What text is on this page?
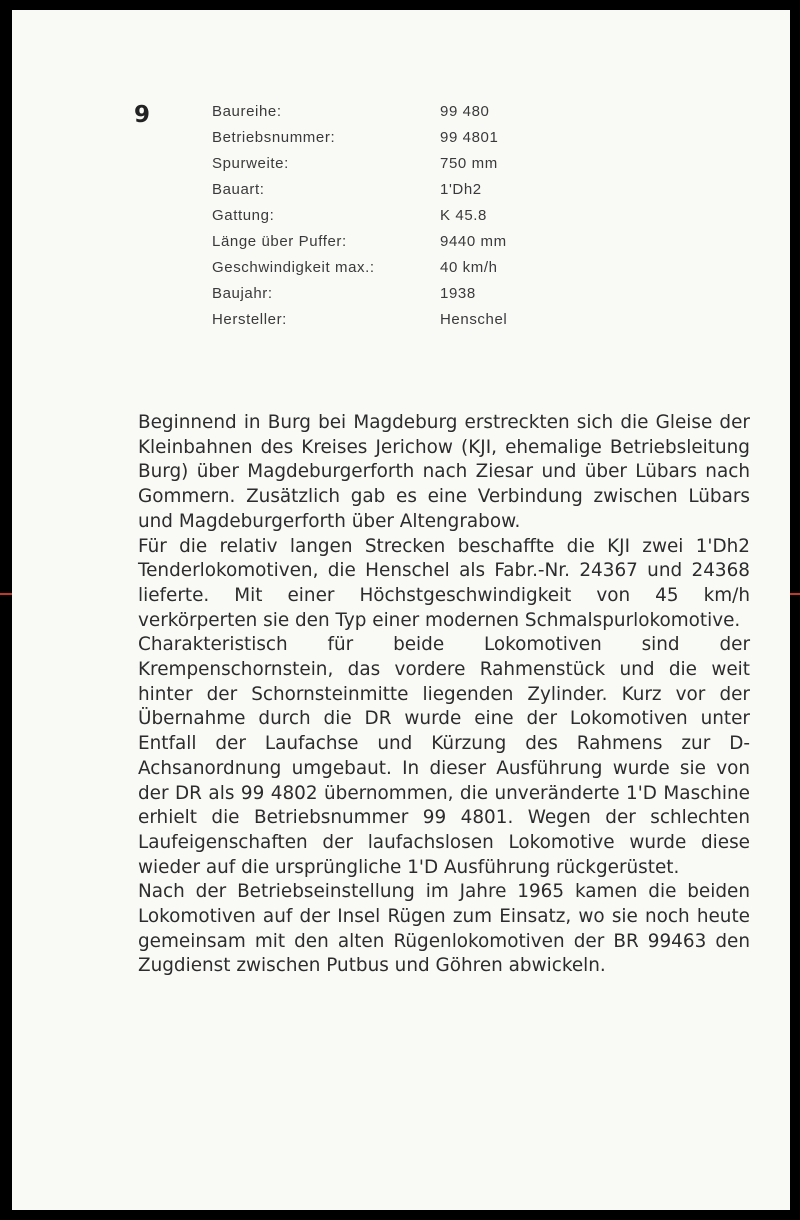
9	Baureihe:	99 480
Betriebsnummer:	99 4801
Spurweite:	750 mm
Bauart:	1'Dh2
Gattung:	K 45.8
Länge über Puffer:	9440 mm
Geschwindigkeit max.:	40 km/h
Baujahr:	1938
Hersteller:	Henschel

Beginnend in Burg bei Magdeburg erstreckten sich die Gleise der Kleinbahnen des Kreises Jerichow (KJI, ehemalige Betriebsleitung Burg) über Magdeburgerforth nach Ziesar und über Lübars nach Gommern. Zusätzlich gab es eine Verbindung zwischen Lübars und Magdeburgerforth über Altengrabow.

Für die relativ langen Strecken beschaffte die KJI zwei 1'Dh2 Tenderlokomotiven, die Henschel als Fabr.-Nr. 24367 und 24368 lieferte. Mit einer Höchstgeschwindigkeit von 45 km/h verkörperten sie den Typ einer modernen Schmalspurlokomotive.

Charakteristisch für beide Lokomotiven sind der Krempenschornstein, das vordere Rahmenstück und die weit hinter der Schornsteinmitte liegenden Zylinder. Kurz vor der Übernahme durch die DR wurde eine der Lokomotiven unter Entfall der Laufachse und Kürzung des Rahmens zur D-Achsanordnung umgebaut. In dieser Ausführung wurde sie von der DR als 99 4802 übernommen, die unveränderte 1'D Maschine erhielt die Betriebsnummer 99 4801. Wegen der schlechten Laufeigenschaften der laufachslosen Lokomotive wurde diese wieder auf die ursprüngliche 1'D Ausführung rückgerüstet.

Nach der Betriebseinstellung im Jahre 1965 kamen die beiden Lokomotiven auf der Insel Rügen zum Einsatz, wo sie noch heute gemeinsam mit den alten Rügenlokomotiven der BR 99463 den Zugdienst zwischen Putbus und Göhren abwickeln.
